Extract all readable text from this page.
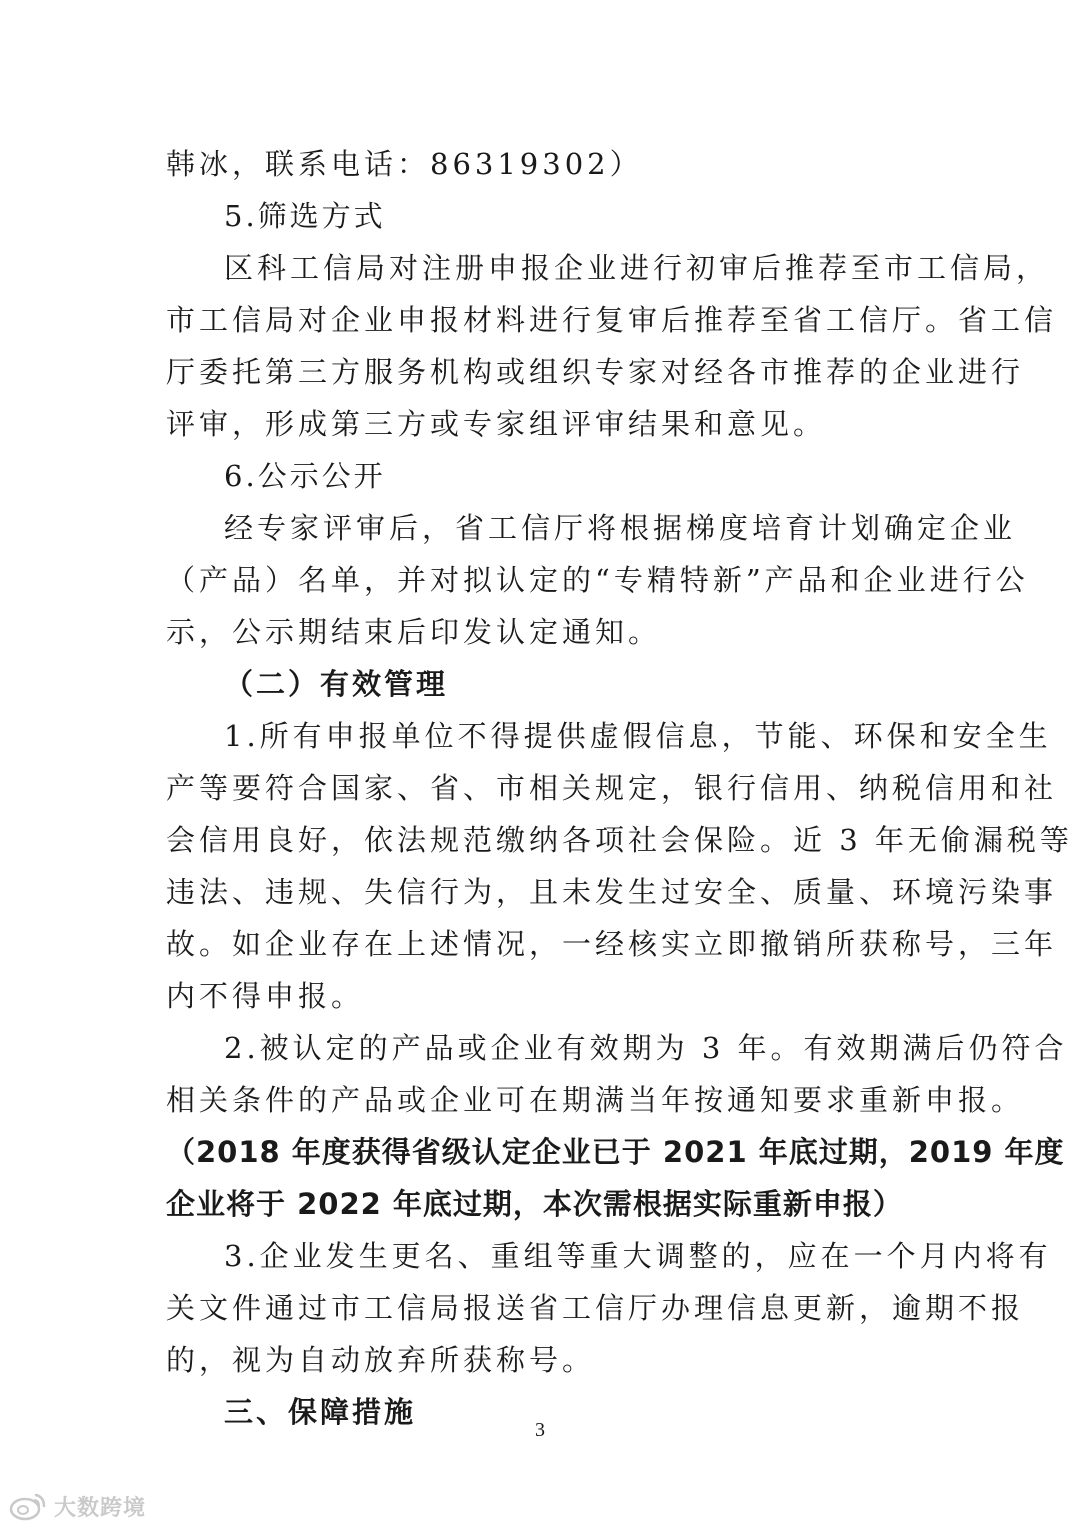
韩冰，联系电话：86319302）
5.筛选方式
区科工信局对注册申报企业进行初审后推荐至市工信局，
市工信局对企业申报材料进行复审后推荐至省工信厅。省工信
厅委托第三方服务机构或组织专家对经各市推荐的企业进行
评审，形成第三方或专家组评审结果和意见。
6.公示公开
经专家评审后，省工信厅将根据梯度培育计划确定企业
（产品）名单，并对拟认定的“专精特新”产品和企业进行公
示，公示期结束后印发认定通知。
（二）有效管理
1.所有申报单位不得提供虚假信息，节能、环保和安全生
产等要符合国家、省、市相关规定，银行信用、纳税信用和社
会信用良好，依法规范缴纳各项社会保险。近 3 年无偷漏税等
违法、违规、失信行为，且未发生过安全、质量、环境污染事
故。如企业存在上述情况，一经核实立即撤销所获称号，三年
内不得申报。
2.被认定的产品或企业有效期为 3 年。有效期满后仍符合
相关条件的产品或企业可在期满当年按通知要求重新申报。
（2018 年度获得省级认定企业已于 2021 年底过期，2019 年度
企业将于 2022 年底过期，本次需根据实际重新申报）
3.企业发生更名、重组等重大调整的，应在一个月内将有
关文件通过市工信局报送省工信厅办理信息更新，逾期不报
的，视为自动放弃所获称号。
三、保障措施
3
大数跨境
